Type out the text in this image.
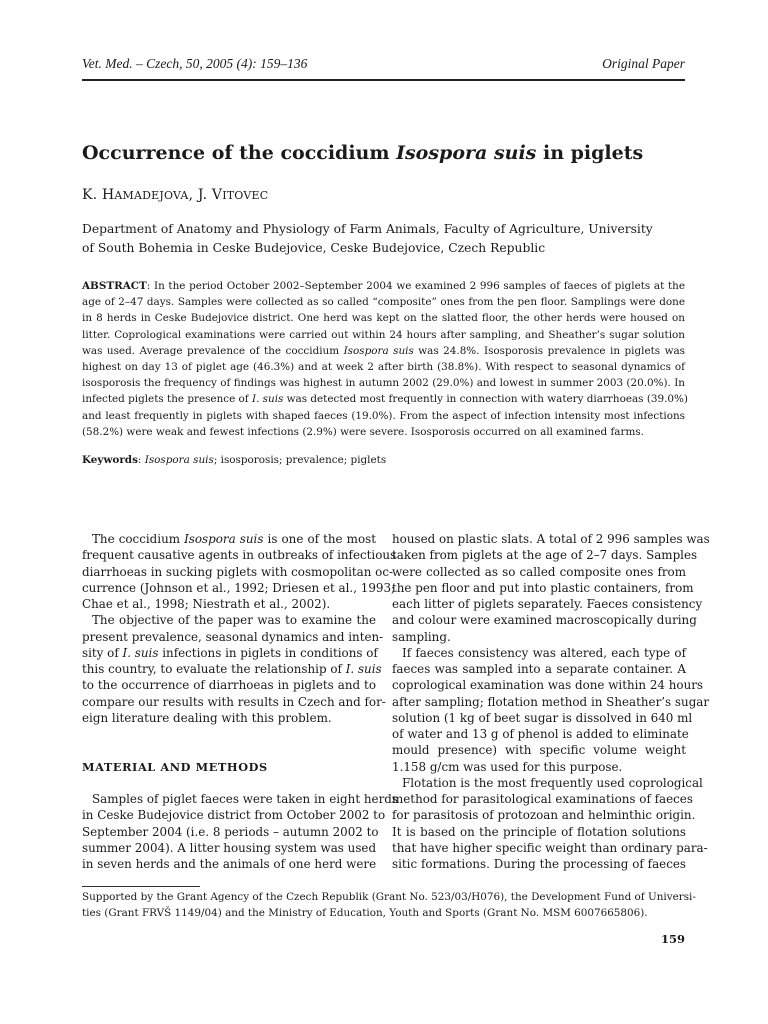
Vet. Med. – Czech, 50, 2005 (4): 159–136	Original Paper
Occurrence of the coccidium Isospora suis in piglets
K. HAMADEJOVA, J. VITOVEC
Department of Anatomy and Physiology of Farm Animals, Faculty of Agriculture, University
of South Bohemia in Ceske Budejovice, Ceske Budejovice, Czech Republic
ABSTRACT: In the period October 2002–September 2004 we examined 2 996 samples of faeces of piglets at the
age of 2–47 days. Samples were collected as so called “composite” ones from the pen floor. Samplings were done
in 8 herds in Ceske Budejovice district. One herd was kept on the slatted floor, the other herds were housed on
litter. Coprological examinations were carried out within 24 hours after sampling, and Sheather’s sugar solution
was used. Average prevalence of the coccidium Isospora suis was 24.8%. Isosporosis prevalence in piglets was
highest on day 13 of piglet age (46.3%) and at week 2 after birth (38.8%). With respect to seasonal dynamics of
isosporosis the frequency of findings was highest in autumn 2002 (29.0%) and lowest in summer 2003 (20.0%). In
infected piglets the presence of I. suis was detected most frequently in connection with watery diarrhoeas (39.0%)
and least frequently in piglets with shaped faeces (19.0%). From the aspect of infection intensity most infections
(58.2%) were weak and fewest infections (2.9%) were severe. Isosporosis occurred on all examined farms.
Keywords: Isospora suis; isosporosis; prevalence; piglets
The coccidium Isospora suis is one of the most
frequent causative agents in outbreaks of infectious
diarrhoeas in sucking piglets with cosmopolitan oc-
currence (Johnson et al., 1992; Driesen et al., 1993;
Chae et al., 1998; Niestrath et al., 2002).
The objective of the paper was to examine the
present prevalence, seasonal dynamics and inten-
sity of I. suis infections in piglets in conditions of
this country, to evaluate the relationship of I. suis
to the occurrence of diarrhoeas in piglets and to
compare our results with results in Czech and for-
eign literature dealing with this problem.
MATERIAL AND METHODS
Samples of piglet faeces were taken in eight herds
in Ceske Budejovice district from October 2002 to
September 2004 (i.e. 8 periods – autumn 2002 to
summer 2004). A litter housing system was used
in seven herds and the animals of one herd were
housed on plastic slats. A total of 2 996 samples was
taken from piglets at the age of 2–7 days. Samples
were collected as so called composite ones from
the pen floor and put into plastic containers, from
each litter of piglets separately. Faeces consistency
and colour were examined macroscopically during
sampling.
If faeces consistency was altered, each type of
faeces was sampled into a separate container. A
coprological examination was done within 24 hours
after sampling; flotation method in Sheather’s sugar
solution (1 kg of beet sugar is dissolved in 640 ml
of water and 13 g of phenol is added to eliminate
mould presence) with specific volume weight
1.158 g/cm was used for this purpose.
Flotation is the most frequently used coprological
method for parasitological examinations of faeces
for parasitosis of protozoan and helminthic origin.
It is based on the principle of flotation solutions
that have higher specific weight than ordinary para-
sitic formations. During the processing of faeces
Supported by the Grant Agency of the Czech Republik (Grant No. 523/03/H076), the Development Fund of Universi-
ties (Grant FRVŠ 1149/04) and the Ministry of Education, Youth and Sports (Grant No. MSM 6007665806).
159
